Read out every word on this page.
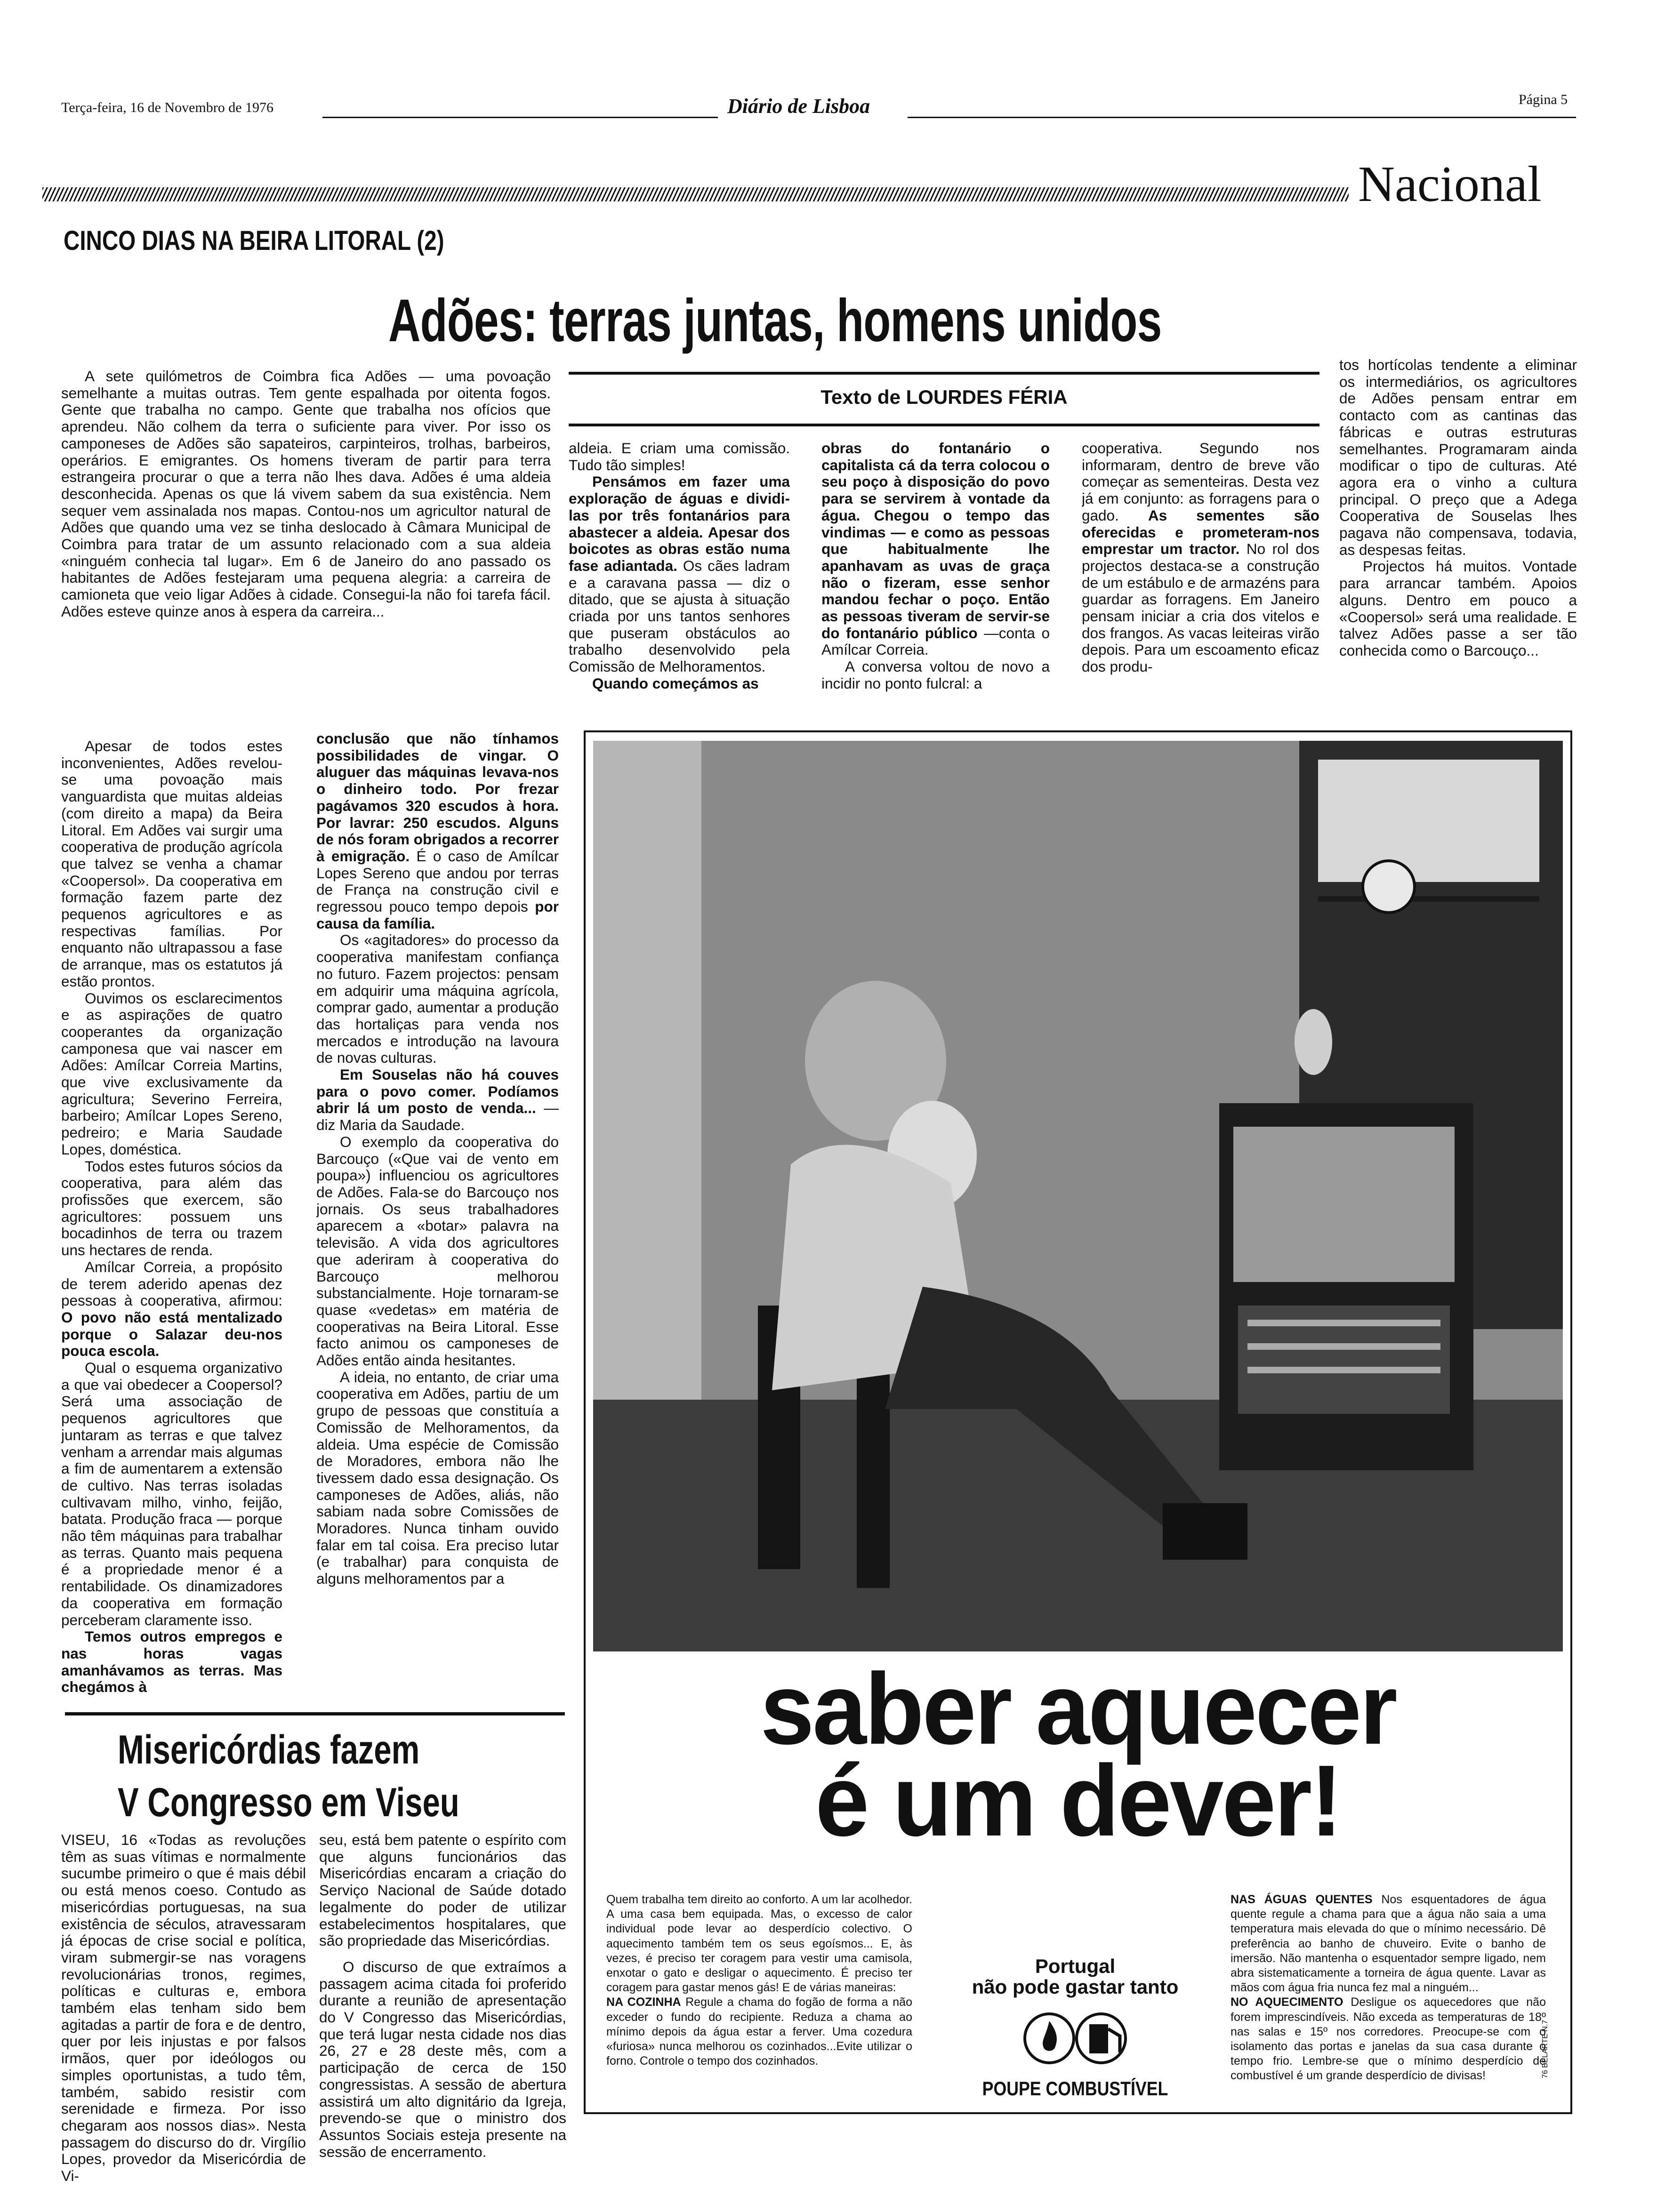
Terça-feira, 16 de Novembro de 1976	Diário de Lisboa	Página 5
Nacional
CINCO DIAS NA BEIRA LITORAL (2)
Adões: terras juntas, homens unidos

A sete quilómetros de Coimbra fica Adões — uma povoação semelhante a muitas outras. Tem gente espalhada por oitenta fogos. Gente que trabalha no campo. Gente que trabalha nos ofícios que aprendeu. Não colhem da terra o suficiente para viver. Por isso os camponeses de Adões são sapateiros, carpinteiros, trolhas, barbeiros, operários. E emigrantes. Os homens tiveram de partir para terra estrangeira procurar o que a terra não lhes dava. Adões é uma aldeia desconhecida. Apenas os que lá vivem sabem da sua existência. Nem sequer vem assinalada nos mapas. Contou-nos um agricultor natural de Adões que quando uma vez se tinha deslocado à Câmara Municipal de Coimbra para tratar de um assunto relacionado com a sua aldeia «ninguém conhecia tal lugar». Em 6 de Janeiro do ano passado os habitantes de Adões festejaram uma pequena alegria: a carreira de camioneta que veio ligar Adões à cidade. Consegui-la não foi tarefa fácil. Adões esteve quinze anos à espera da carreira...

Texto de LOURDES FÉRIA

aldeia. E criam uma comissão. Tudo tão simples!

Pensámos em fazer uma exploração de águas e dividi-las por três fontanários para abastecer a aldeia. Apesar dos boicotes as obras estão numa fase adiantada. Os cães ladram e a caravana passa — diz o ditado, que se ajusta à situação criada por uns tantos senhores que puseram obstáculos ao trabalho desenvolvido pela Comissão de Melhoramentos.

Quando começámos as

obras do fontanário o capitalista cá da terra colocou o seu poço à disposição do povo para se servirem à vontade da água. Chegou o tempo das vindimas — e como as pessoas que habitualmente lhe apanhavam as uvas de graça não o fizeram, esse senhor mandou fechar o poço. Então as pessoas tiveram de servir-se do fontanário público —conta o Amílcar Correia.

A conversa voltou de novo a incidir no ponto fulcral: a

cooperativa. Segundo nos informaram, dentro de breve vão começar as sementeiras. Desta vez já em conjunto: as forragens para o gado. As sementes são oferecidas e prometeram-nos emprestar um tractor. No rol dos projectos destaca-se a construção de um estábulo e de armazéns para guardar as forragens. Em Janeiro pensam iniciar a cria dos vitelos e dos frangos. As vacas leiteiras virão depois. Para um escoamento eficaz dos produ-

tos hortícolas tendente a eliminar os intermediários, os agricultores de Adões pensam entrar em contacto com as cantinas das fábricas e outras estruturas semelhantes. Programaram ainda modificar o tipo de culturas. Até agora era o vinho a cultura principal. O preço que a Adega Cooperativa de Souselas lhes pagava não compensava, todavia, as despesas feitas.

Projectos há muitos. Vontade para arrancar também. Apoios alguns. Dentro em pouco a «Coopersol» será uma realidade. E talvez Adões passe a ser tão conhecida como o Barcouço...

Apesar de todos estes inconvenientes, Adões revelou-se uma povoação mais vanguardista que muitas aldeias (com direito a mapa) da Beira Litoral. Em Adões vai surgir uma cooperativa de produção agrícola que talvez se venha a chamar «Coopersol». Da cooperativa em formação fazem parte dez pequenos agricultores e as respectivas famílias. Por enquanto não ultrapassou a fase de arranque, mas os estatutos já estão prontos.

Ouvimos os esclarecimentos e as aspirações de quatro cooperantes da organização camponesa que vai nascer em Adões: Amílcar Correia Martins, que vive exclusivamente da agricultura; Severino Ferreira, barbeiro; Amílcar Lopes Sereno, pedreiro; e Maria Saudade Lopes, doméstica.

Todos estes futuros sócios da cooperativa, para além das profissões que exercem, são agricultores: possuem uns bocadinhos de terra ou trazem uns hectares de renda.

Amílcar Correia, a propósito de terem aderido apenas dez pessoas à cooperativa, afirmou: O povo não está mentalizado porque o Salazar deu-nos pouca escola.

Qual o esquema organizativo a que vai obedecer a Coopersol? Será uma associação de pequenos agricultores que juntaram as terras e que talvez venham a arrendar mais algumas a fim de aumentarem a extensão de cultivo. Nas terras isoladas cultivavam milho, vinho, feijão, batata. Produção fraca — porque não têm máquinas para trabalhar as terras. Quanto mais pequena é a propriedade menor é a rentabilidade. Os dinamizadores da cooperativa em formação perceberam claramente isso.

Temos outros empregos e nas horas vagas amanhávamos as terras. Mas chegámos à

conclusão que não tínhamos possibilidades de vingar. O aluguer das máquinas levava-nos o dinheiro todo. Por frezar pagávamos 320 escudos à hora. Por lavrar: 250 escudos. Alguns de nós foram obrigados a recorrer à emigração. É o caso de Amílcar Lopes Sereno que andou por terras de França na construção civil e regressou pouco tempo depois por causa da família.

Os «agitadores» do processo da cooperativa manifestam confiança no futuro. Fazem projectos: pensam em adquirir uma máquina agrícola, comprar gado, aumentar a produção das hortaliças para venda nos mercados e introdução na lavoura de novas culturas.

Em Souselas não há couves para o povo comer. Podíamos abrir lá um posto de venda... — diz Maria da Saudade.

O exemplo da cooperativa do Barcouço («Que vai de vento em poupa») influenciou os agricultores de Adões. Fala-se do Barcouço nos jornais. Os seus trabalhadores aparecem a «botar» palavra na televisão. A vida dos agricultores que aderiram à cooperativa do Barcouço melhorou substancialmente. Hoje tornaram-se quase «vedetas» em matéria de cooperativas na Beira Litoral. Esse facto animou os camponeses de Adões então ainda hesitantes.

A ideia, no entanto, de criar uma cooperativa em Adões, partiu de um grupo de pessoas que constituía a Comissão de Melhoramentos, da aldeia. Uma espécie de Comissão de Moradores, embora não lhe tivessem dado essa designação. Os camponeses de Adões, aliás, não sabiam nada sobre Comissões de Moradores. Nunca tinham ouvido falar em tal coisa. Era preciso lutar (e trabalhar) para conquista de alguns melhoramentos par a

Misericórdias fazem
V Congresso em Viseu

VISEU, 16 «Todas as revoluções têm as suas vítimas e normalmente sucumbe primeiro o que é mais débil ou está menos coeso. Contudo as misericórdias portuguesas, na sua existência de séculos, atravessaram já épocas de crise social e política, viram submergir-se nas voragens revolucionárias tronos, regimes, políticas e culturas e, embora também elas tenham sido bem agitadas a partir de fora e de dentro, quer por leis injustas e por falsos irmãos, quer por ideólogos ou simples oportunistas, a tudo têm, também, sabido resistir com serenidade e firmeza. Por isso chegaram aos nossos dias». Nesta passagem do discurso do dr. Virgílio Lopes, provedor da Misericórdia de Vi-

seu, está bem patente o espírito com que alguns funcionários das Misericórdias encaram a criação do Serviço Nacional de Saúde dotado legalmente do poder de utilizar estabelecimentos hospitalares, que são propriedade das Misericórdias.

O discurso de que extraímos a passagem acima citada foi proferido durante a reunião de apresentação do V Congresso das Misericórdias, que terá lugar nesta cidade nos dias 26, 27 e 28 deste mês, com a participação de cerca de 150 congressistas. A sessão de abertura assistirá um alto dignitário da Igreja, prevendo-se que o ministro dos Assuntos Sociais esteja presente na sessão de encerramento.

saber aquecer
é um dever!
Quem trabalha tem direito ao conforto. A um lar acolhedor. A uma casa bem equipada. Mas, o excesso de calor individual pode levar ao desperdício colectivo. O aquecimento também tem os seus egoísmos... E, às vezes, é preciso ter coragem para vestir uma camisola, enxotar o gato e desligar o aquecimento. É preciso ter coragem para gastar menos gás! E de várias maneiras:
NA COZINHA Regule a chama do fogão de forma a não exceder o fundo do recipiente. Reduza a chama ao mínimo depois da água estar a ferver. Uma cozedura «furiosa» nunca melhorou os cozinhados...Evite utilizar o forno. Controle o tempo dos cozinhados.
Portugal
não pode gastar tanto
POUPE COMBUSTÍVEL
NAS ÁGUAS QUENTES Nos esquentadores de água quente regule a chama para que a água não saia a uma temperatura mais elevada do que o mínimo necessário. Dê preferência ao banho de chuveiro. Evite o banho de imersão. Não mantenha o esquentador sempre ligado, nem abra sistematicamente a torneira de água quente. Lavar as mãos com água fria nunca fez mal a ninguém...
NO AQUECIMENTO Desligue os aquecedores que não forem imprescindíveis. Não exceda as temperaturas de 18º nas salas e 15º nos corredores. Preocupe-se com o isolamento das portas e janelas da sua casa durante o tempo frio. Lembre-se que o mínimo desperdício de combustível é um grande desperdício de divisas!	76 BELARTE N.7
